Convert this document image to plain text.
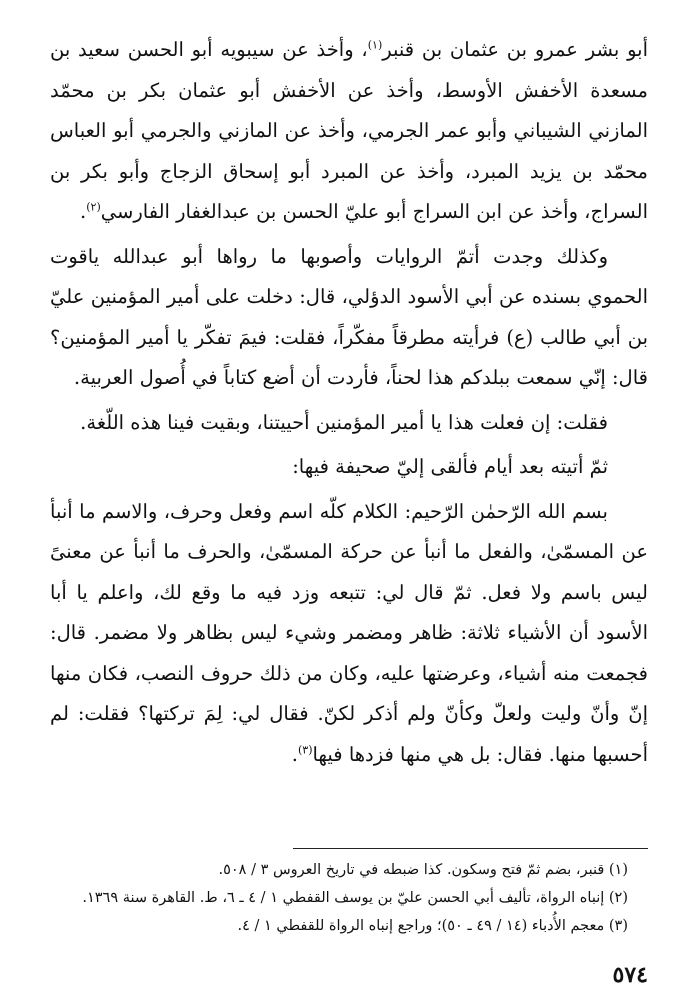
أبو بشر عمرو بن عثمان بن قنبر$^{(١)}$، وأخذ عن سيبويه أبو الحسن سعيد بن مسعدة الأخفش الأوسط، وأخذ عن الأخفش أبو عثمان بكر بن محمّد المازني الشيباني وأبو عمر الجرمي، وأخذ عن المازني والجرمي أبو العباس محمّد بن يزيد المبرد، وأخذ عن المبرد أبو إسحاق الزجاج وأبو بكر بن السراج، وأخذ عن ابن السراج أبو عليّ الحسن بن عبدالغفار الفارسي$^{(٢)}$.

وكذلك وجدت أتمّ الروايات وأصوبها ما رواها أبو عبدالله ياقوت الحموي بسنده عن أبي الأسود الدؤلي، قال: دخلت على أمير المؤمنين عليّ بن أبي طالب (ع) فرأيته مطرقاً مفكّراً، فقلت: فيمَ تفكّر يا أمير المؤمنين؟ قال: إنّي سمعت ببلدكم هذا لحناً، فأردت أن أضع كتاباً في أُصول العربية.

فقلت: إن فعلت هذا يا أمير المؤمنين أحييتنا، وبقيت فينا هذه اللّغة.

ثمّ أتيته بعد أيام فألقى إليّ صحيفة فيها:

بسم الله الرّحمٰن الرّحيم: الكلام كلّه اسم وفعل وحرف، والاسم ما أنبأ عن المسمّىٰ، والفعل ما أنبأ عن حركة المسمّىٰ، والحرف ما أنبأ عن معنىً ليس باسم ولا فعل. ثمّ قال لي: تتبعه وزد فيه ما وقع لك، واعلم يا أبا الأسود أن الأشياء ثلاثة: ظاهر ومضمر وشيء ليس بظاهر ولا مضمر. قال: فجمعت منه أشياء، وعرضتها عليه، وكان من ذلك حروف النصب، فكان منها إنّ وأنّ وليت ولعلّ وكأنّ ولم أذكر لكنّ. فقال لي: لِمَ تركتها؟ فقلت: لم أحسبها منها. فقال: بل هي منها فزدها فيها$^{(٣)}$.

(١) قنبر، بضم ثمّ فتح وسكون. كذا ضبطه في تاريخ العروس ٣ / ٥٠٨.
(٢) إنباه الرواة، تأليف أبي الحسن عليّ بن يوسف القفطي ١ / ٤ ـ ٦، ط. القاهرة سنة ١٣٦٩.
(٣) معجم الأُدباء (١٤ / ٤٩ ـ ٥٠)؛ وراجع إنباه الرواة للقفطي ١ / ٤.
٥٧٤
